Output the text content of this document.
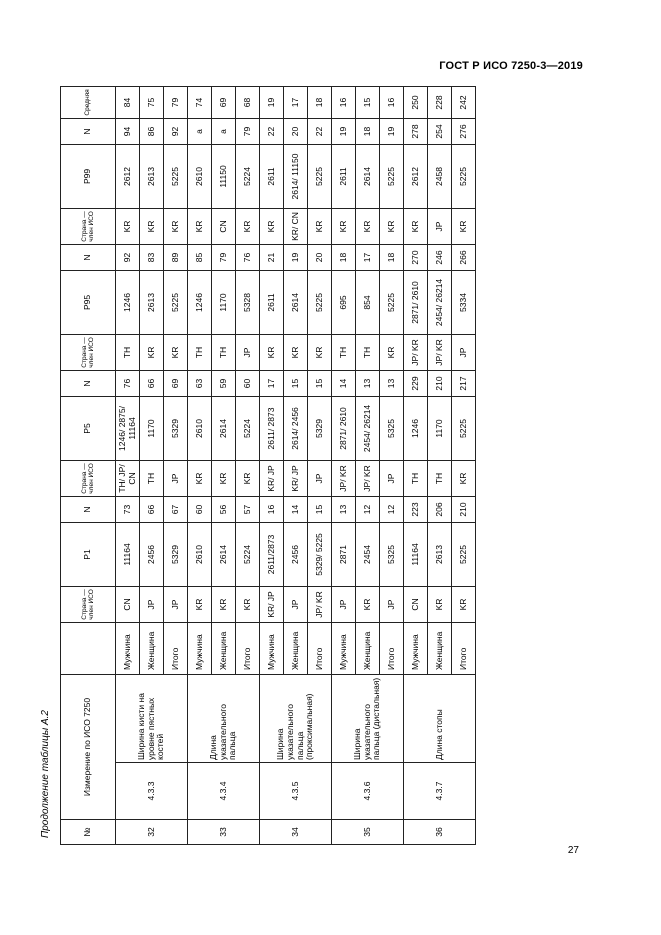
ГОСТ Р ИСО 7250-3—2019
Продолжение таблицы А.2
27
№	Измерение по ИСО 7250			Страна — член ИСО	P1	N	Страна — член ИСО	P5	N	Страна — член ИСО	P95	N	Страна — член ИСО	P99	N	Средняя
32	4.3.3	Ширина кисти на уровне пястных костей	Мужчина	CN	11164	73	TH/ JP/ CN	1246/ 2875/ 11164	76	TH	1246	92	KR	2612	94	84
			Женщина	JP	2456	66	TH	1170	66	KR	2613	83	KR	2613	86	75
			Итого	JP	5329	67	JP	5329	69	KR	5225	89	KR	5225	92	79
33	4.3.4	Длина указательного пальца	Мужчина	KR	2610	60	KR	2610	63	TH	1246	85	KR	2610	a	74
			Женщина	KR	2614	56	KR	2614	59	TH	1170	79	CN	11150	a	69
			Итого	KR	5224	57	KR	5224	60	JP	5328	76	KR	5224	79	68
34	4.3.5	Ширина указательного пальца (проксимальная)	Мужчина	KR/ JP	2611/2873	16	KR/ JP	2611/ 2873	17	KR	2611	21	KR	2611	22	19
			Женщина	JP	2456	14	KR/ JP	2614/ 2456	15	KR	2614	19	KR/ CN	2614/ 11150	20	17
			Итого	JP/ KR	5329/ 5225	15	JP	5329	15	KR	5225	20	KR	5225	22	18
35	4.3.6	Ширина указательного пальца (дистальная)	Мужчина	JP	2871	13	JP/ KR	2871/ 2610	14	TH	695	18	KR	2611	19	16
			Женщина	KR	2454	12	JP/ KR	2454/ 26214	13	TH	854	17	KR	2614	18	15
			Итого	JP	5325	12	JP	5325	13	KR	5225	18	KR	5225	19	16
36	4.3.7	Длина стопы	Мужчина	CN	11164	223	TH	1246	229	JP/ KR	2871/ 2610	270	KR	2612	278	250
			Женщина	KR	2613	206	TH	1170	210	JP/ KR	2454/ 26214	246	JP	2458	254	228
			Итого	KR	5225	210	KR	5225	217	JP	5334	266	KR	5225	276	242
